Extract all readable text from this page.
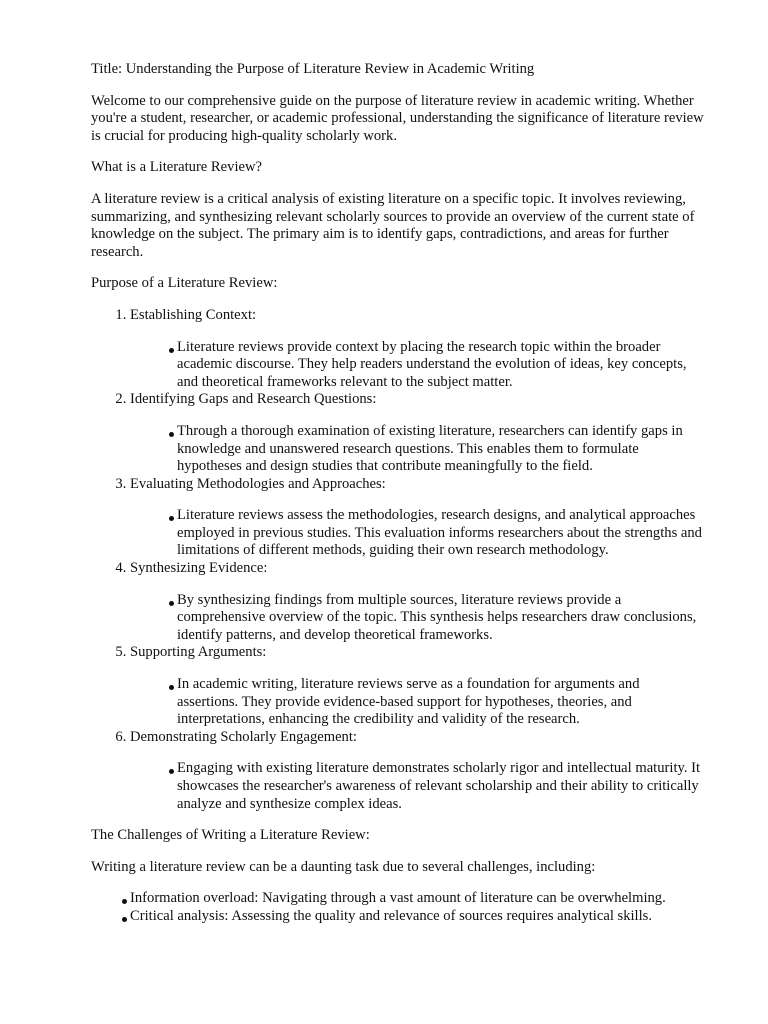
Title: Understanding the Purpose of Literature Review in Academic Writing

Welcome to our comprehensive guide on the purpose of literature review in academic writing. Whether you're a student, researcher, or academic professional, understanding the significance of literature review is crucial for producing high-quality scholarly work.

What is a Literature Review?

A literature review is a critical analysis of existing literature on a specific topic. It involves reviewing, summarizing, and synthesizing relevant scholarly sources to provide an overview of the current state of knowledge on the subject. The primary aim is to identify gaps, contradictions, and areas for further research.

Purpose of a Literature Review:

1. Establishing Context:
Literature reviews provide context by placing the research topic within the broader academic discourse. They help readers understand the evolution of ideas, key concepts, and theoretical frameworks relevant to the subject matter.
2. Identifying Gaps and Research Questions:
Through a thorough examination of existing literature, researchers can identify gaps in knowledge and unanswered research questions. This enables them to formulate hypotheses and design studies that contribute meaningfully to the field.
3. Evaluating Methodologies and Approaches:
Literature reviews assess the methodologies, research designs, and analytical approaches employed in previous studies. This evaluation informs researchers about the strengths and limitations of different methods, guiding their own research methodology.
4. Synthesizing Evidence:
By synthesizing findings from multiple sources, literature reviews provide a comprehensive overview of the topic. This synthesis helps researchers draw conclusions, identify patterns, and develop theoretical frameworks.
5. Supporting Arguments:
In academic writing, literature reviews serve as a foundation for arguments and assertions. They provide evidence-based support for hypotheses, theories, and interpretations, enhancing the credibility and validity of the research.
6. Demonstrating Scholarly Engagement:
Engaging with existing literature demonstrates scholarly rigor and intellectual maturity. It showcases the researcher's awareness of relevant scholarship and their ability to critically analyze and synthesize complex ideas.

The Challenges of Writing a Literature Review:

Writing a literature review can be a daunting task due to several challenges, including:

Information overload: Navigating through a vast amount of literature can be overwhelming.
Critical analysis: Assessing the quality and relevance of sources requires analytical skills.
